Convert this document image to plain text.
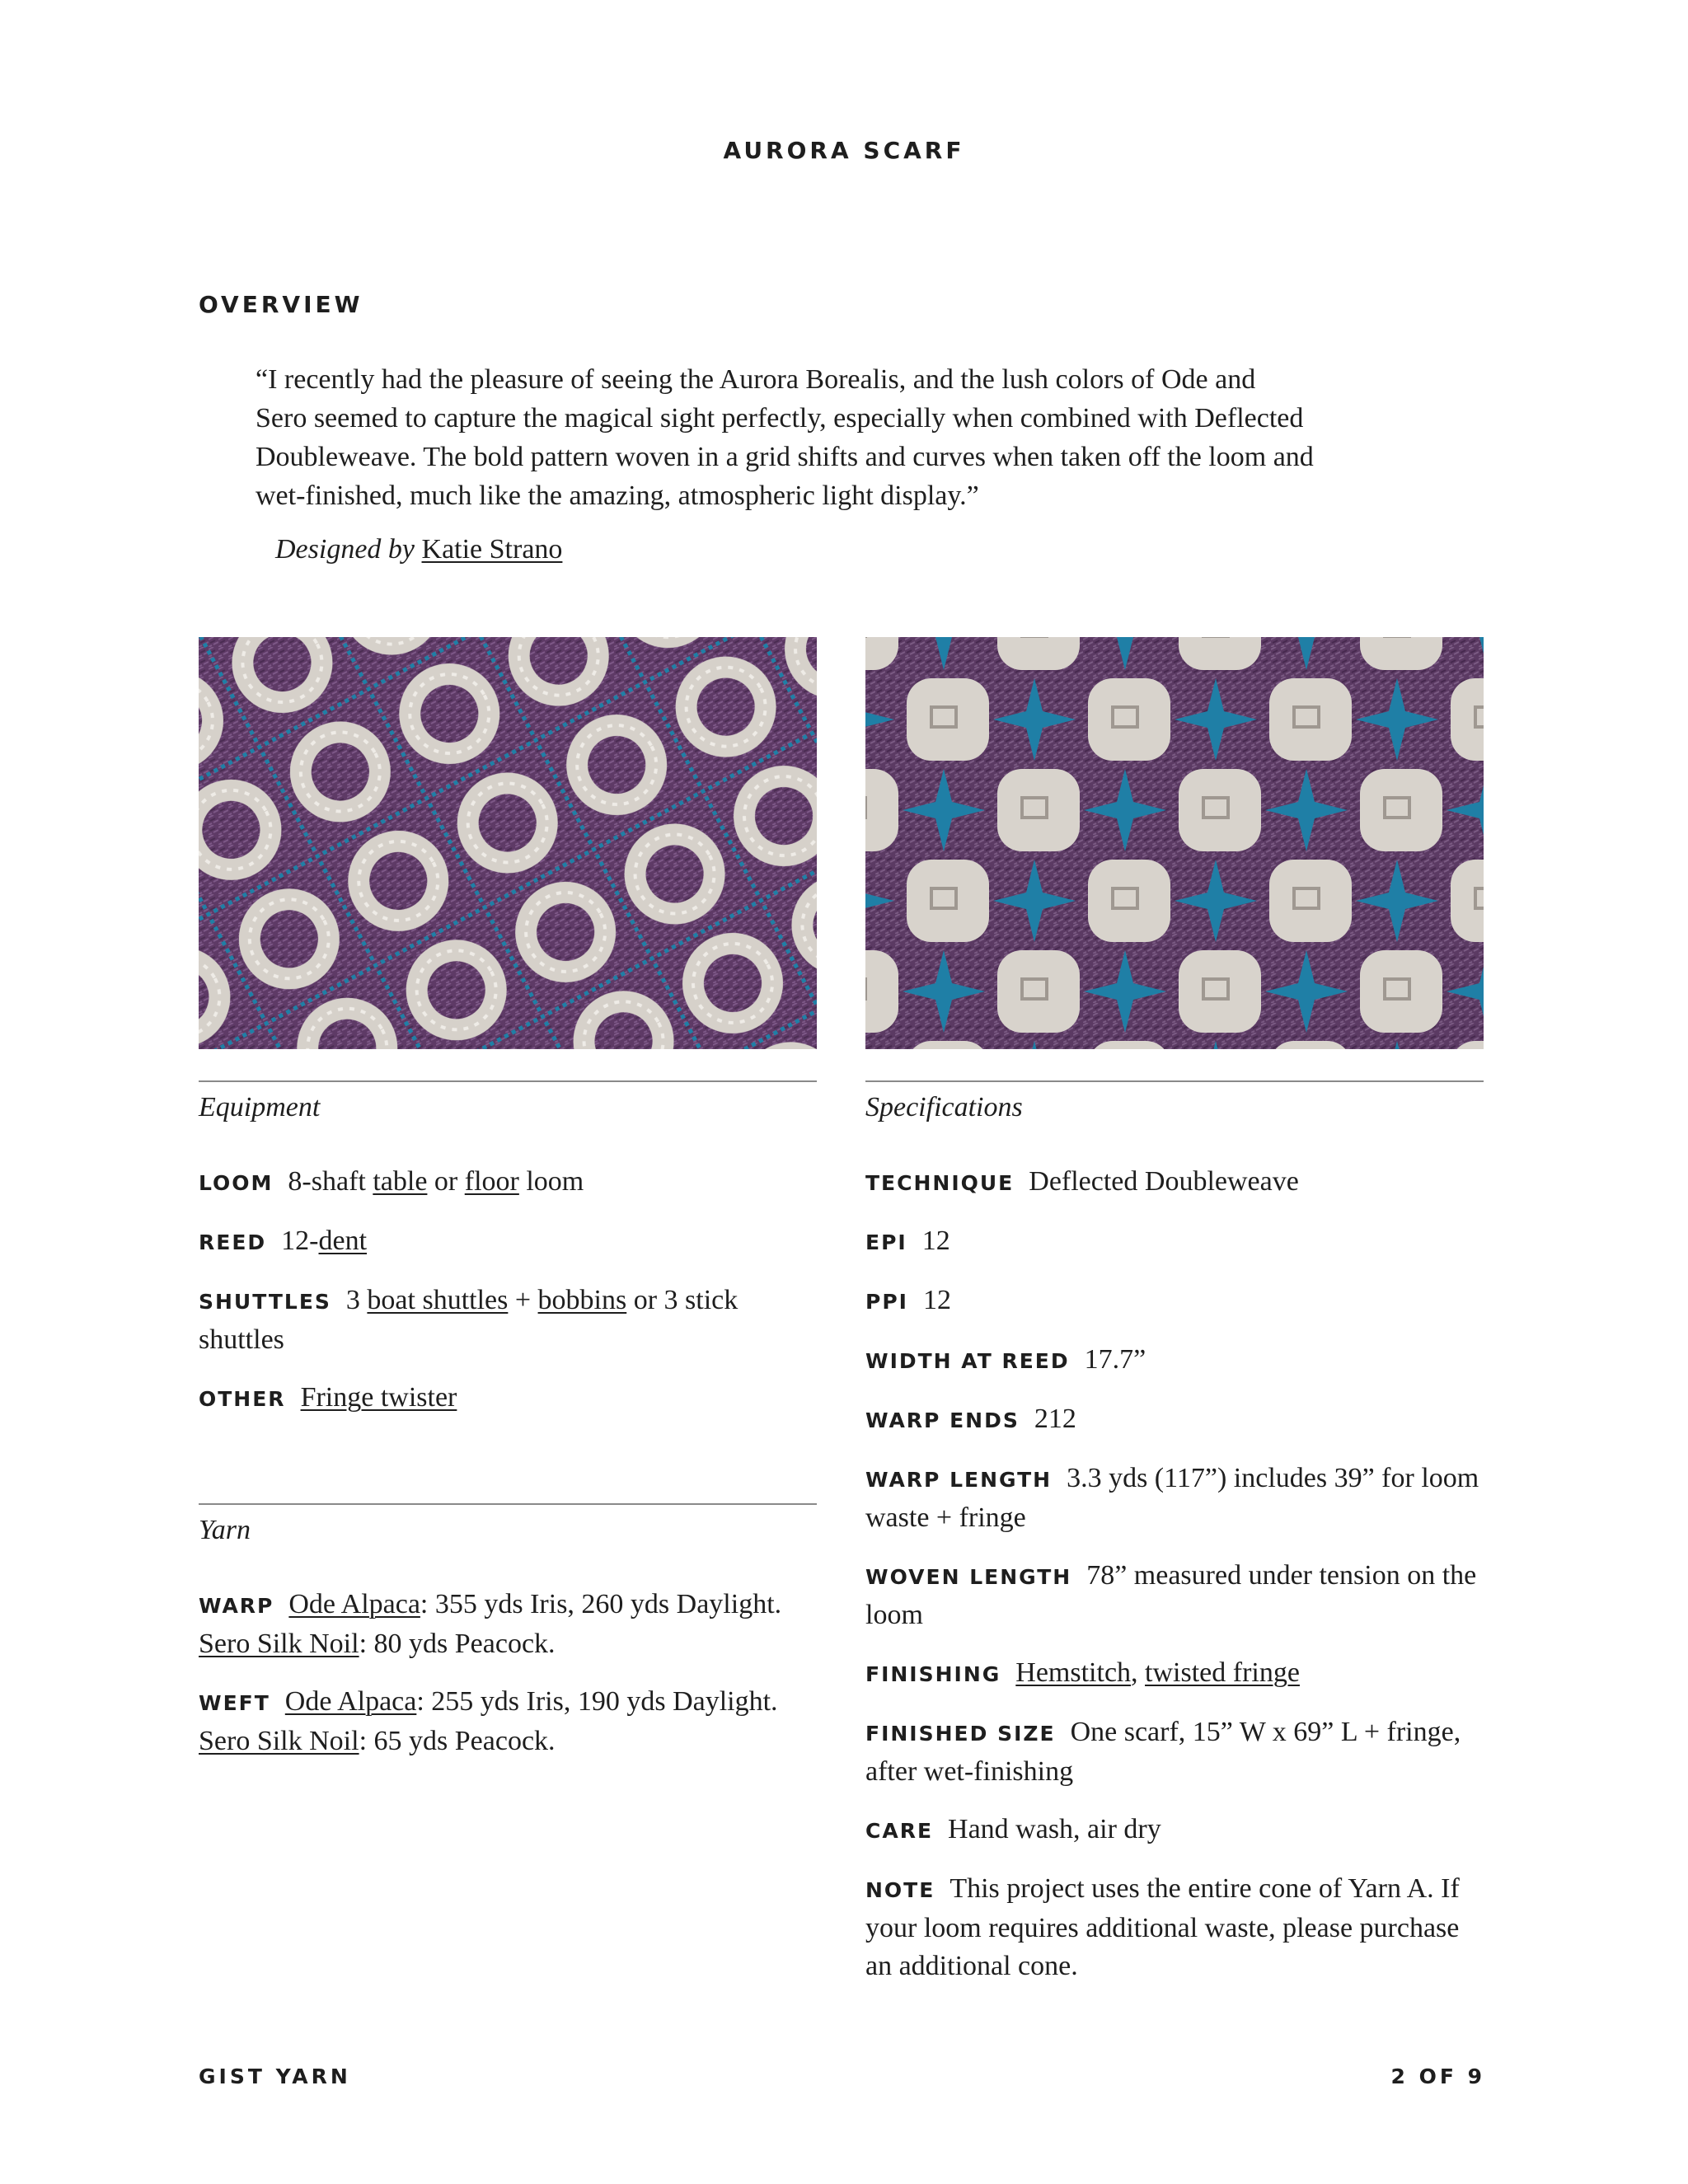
AURORA SCARF
OVERVIEW

“I recently had the pleasure of seeing the Aurora Borealis, and the lush colors of Ode and

Sero seemed to capture the magical sight perfectly, especially when combined with Deflected

Doubleweave. The bold pattern woven in a grid shifts and curves when taken off the loom and

wet-finished, much like the amazing, atmospheric light display.”

Designed by Katie Strano
Equipment
LOOM 8-shaft table or floor loom
REED 12-dent
SHUTTLES 3 boat shuttles + bobbins or 3 stick shuttles
OTHER Fringe twister
Yarn
WARP Ode Alpaca: 355 yds Iris, 260 yds Daylight. Sero Silk Noil: 80 yds Peacock.
WEFT Ode Alpaca: 255 yds Iris, 190 yds Daylight. Sero Silk Noil: 65 yds Peacock.
Specifications
TECHNIQUE Deflected Doubleweave
EPI 12
PPI 12
WIDTH AT REED 17.7”
WARP ENDS 212
WARP LENGTH 3.3 yds (117”) includes 39” for loom waste + fringe
WOVEN LENGTH 78” measured under tension on the loom
FINISHING Hemstitch, twisted fringe
FINISHED SIZE One scarf, 15” W x 69” L + fringe, after wet-finishing
CARE Hand wash, air dry
NOTE This project uses the entire cone of Yarn A. If your loom requires additional waste, please purchase an additional cone.
GIST YARN	2 OF 9
